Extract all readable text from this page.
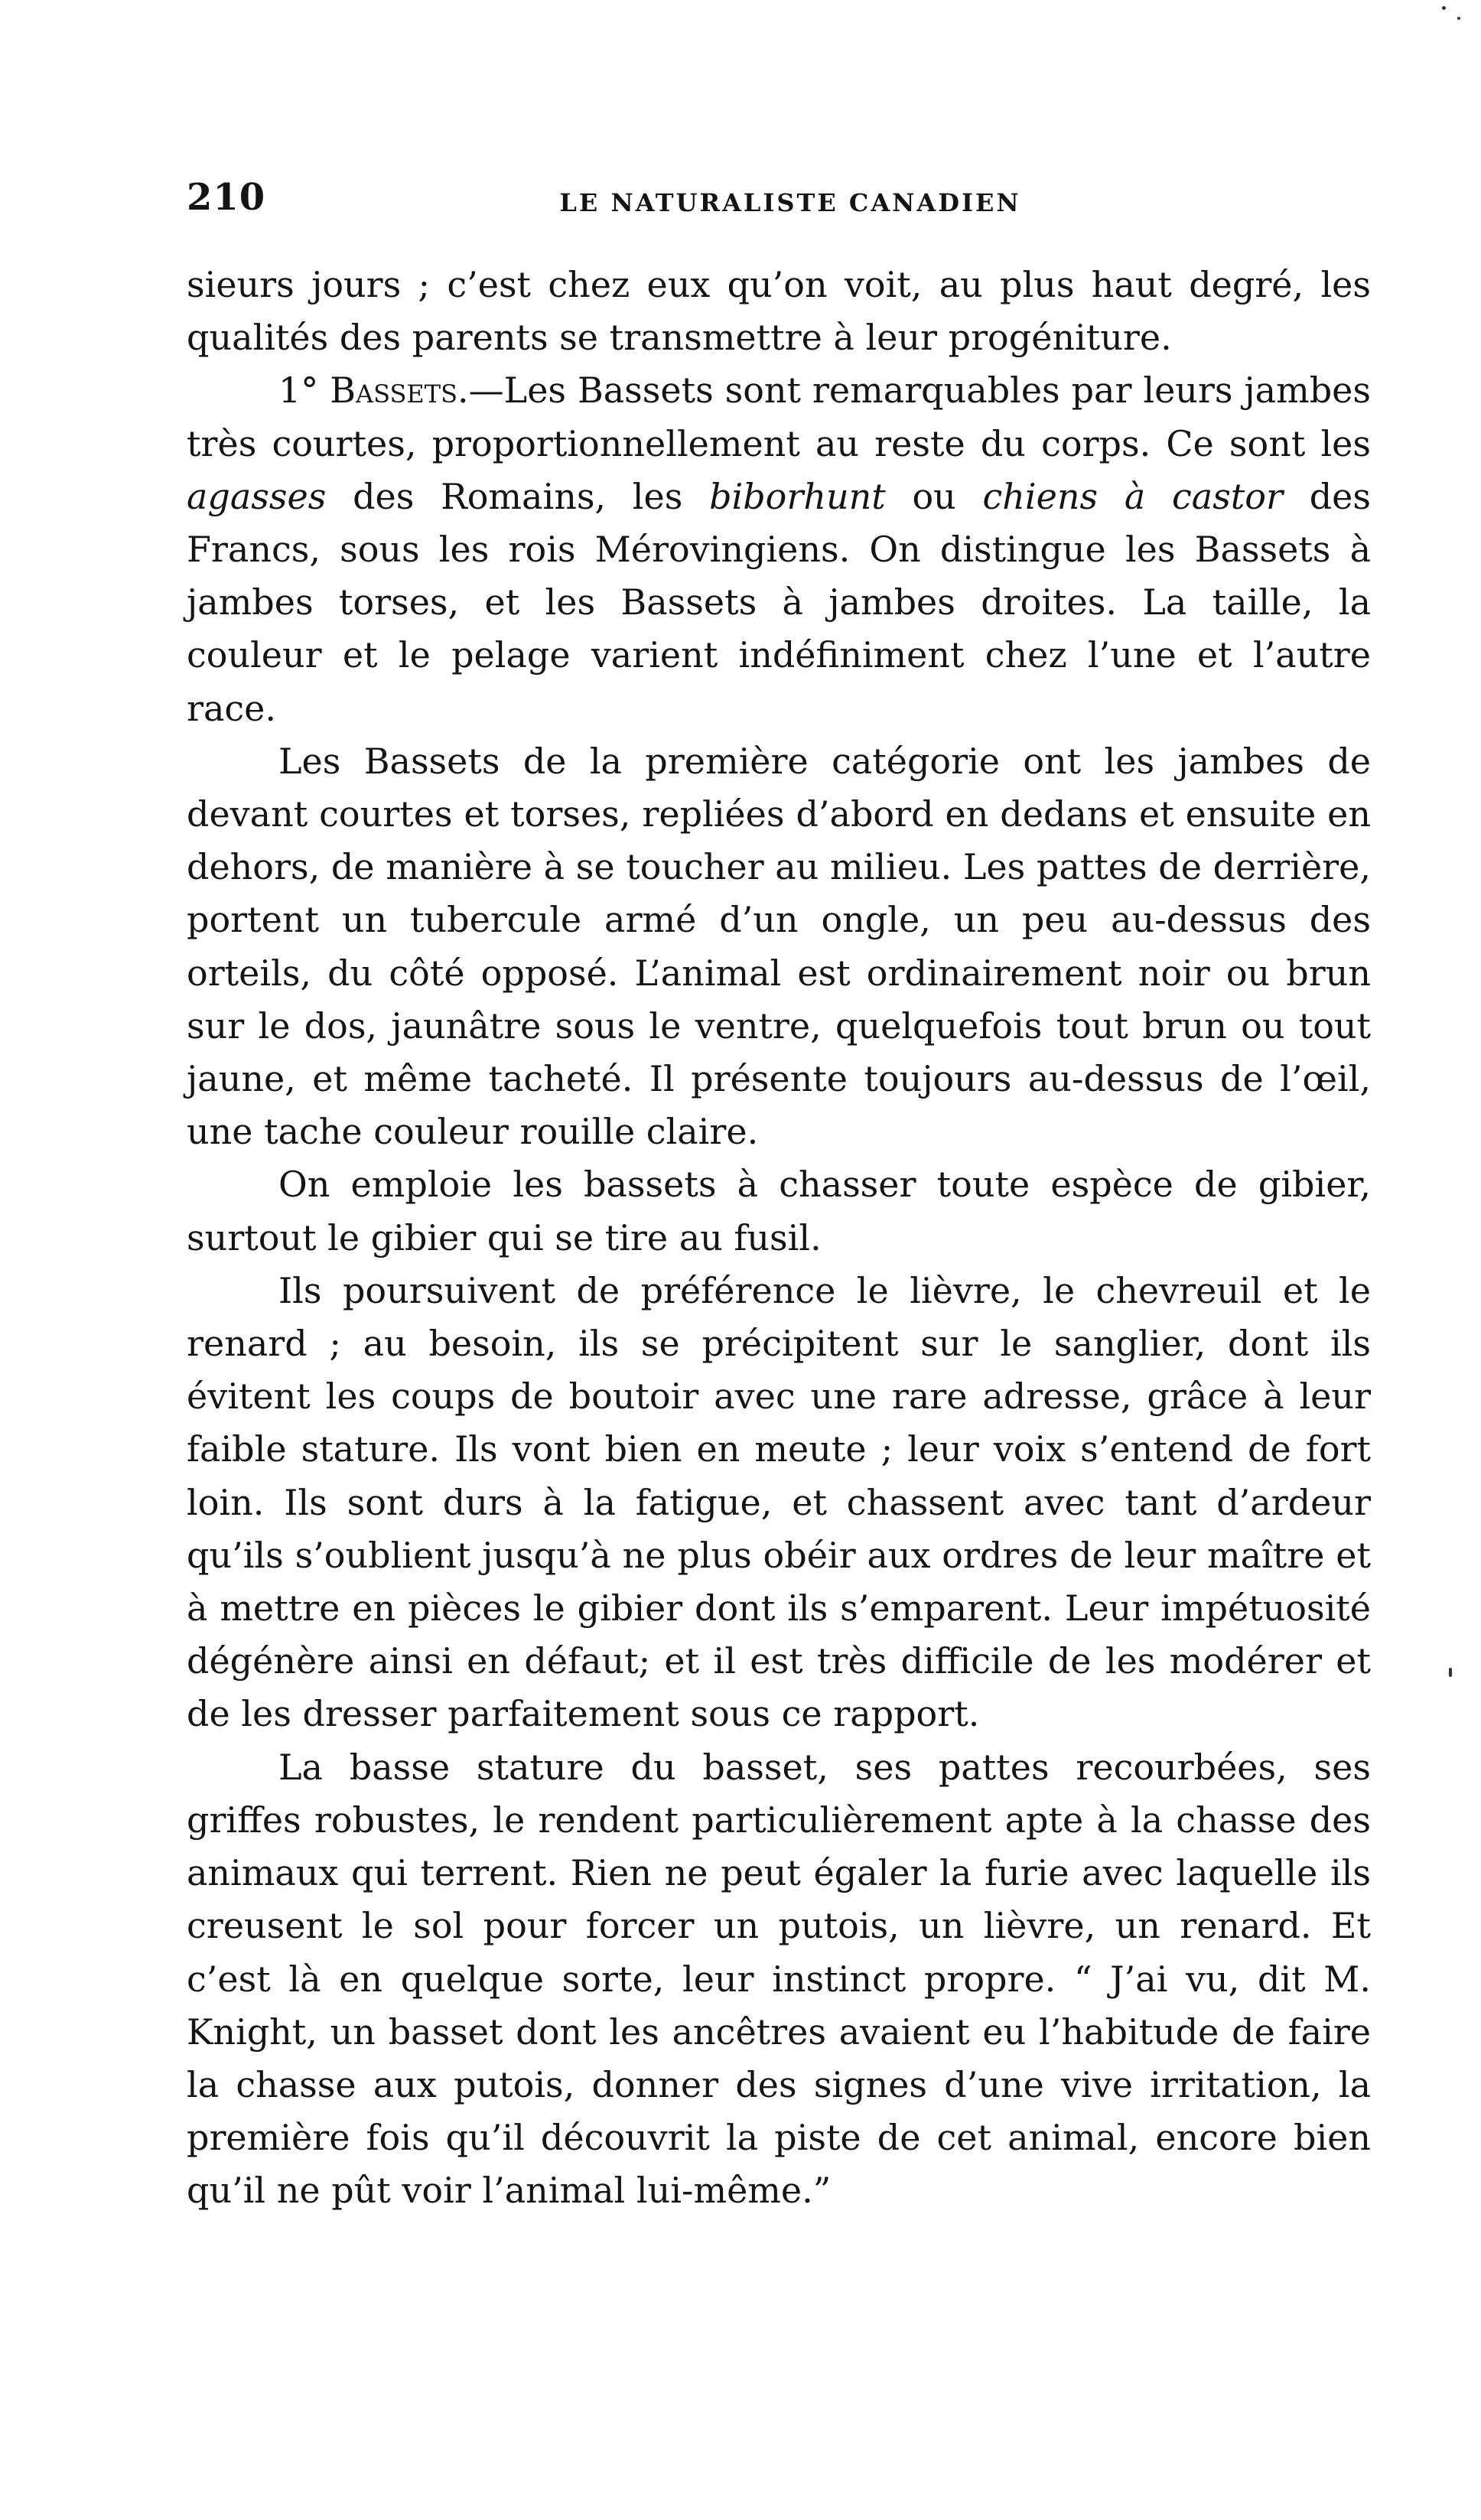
210	LE NATURALISTE CANADIEN

sieurs jours ; c’est chez eux qu’on voit, au plus haut degré, les qualités des parents se transmettre à leur progéniture.

1° Bassets.—Les Bassets sont remarquables par leurs jambes très courtes, proportionnellement au reste du corps. Ce sont les agasses des Romains, les biborhunt ou chiens à castor des Francs, sous les rois Mérovingiens. On distingue les Bassets à jambes torses, et les Bassets à jambes droites. La taille, la couleur et le pelage varient indéfiniment chez l’une et l’autre race.

Les Bassets de la première catégorie ont les jambes de devant courtes et torses, repliées d’abord en dedans et ensuite en dehors, de manière à se toucher au milieu. Les pattes de derrière, portent un tubercule armé d’un ongle, un peu au-dessus des orteils, du côté opposé. L’animal est ordinairement noir ou brun sur le dos, jaunâtre sous le ventre, quelquefois tout brun ou tout jaune, et même tacheté. Il présente toujours au-dessus de l’œil, une tache couleur rouille claire.

On emploie les bassets à chasser toute espèce de gibier, surtout le gibier qui se tire au fusil.

Ils poursuivent de préférence le lièvre, le chevreuil et le renard ; au besoin, ils se précipitent sur le sanglier, dont ils évitent les coups de boutoir avec une rare adresse, grâce à leur faible stature. Ils vont bien en meute ; leur voix s’entend de fort loin. Ils sont durs à la fatigue, et chassent avec tant d’ardeur qu’ils s’oublient jusqu’à ne plus obéir aux ordres de leur maître et à mettre en pièces le gibier dont ils s’emparent. Leur impétuosité dégénère ainsi en défaut; et il est très difficile de les modérer et de les dresser parfaitement sous ce rapport.

La basse stature du basset, ses pattes recourbées, ses griffes robustes, le rendent particulièrement apte à la chasse des animaux qui terrent. Rien ne peut égaler la furie avec laquelle ils creusent le sol pour forcer un putois, un lièvre, un renard. Et c’est là en quelque sorte, leur instinct propre. “ J’ai vu, dit M. Knight, un basset dont les ancêtres avaient eu l’habitude de faire la chasse aux putois, donner des signes d’une vive irritation, la première fois qu’il découvrit la piste de cet animal, encore bien qu’il ne pût voir l’animal lui-même.”
